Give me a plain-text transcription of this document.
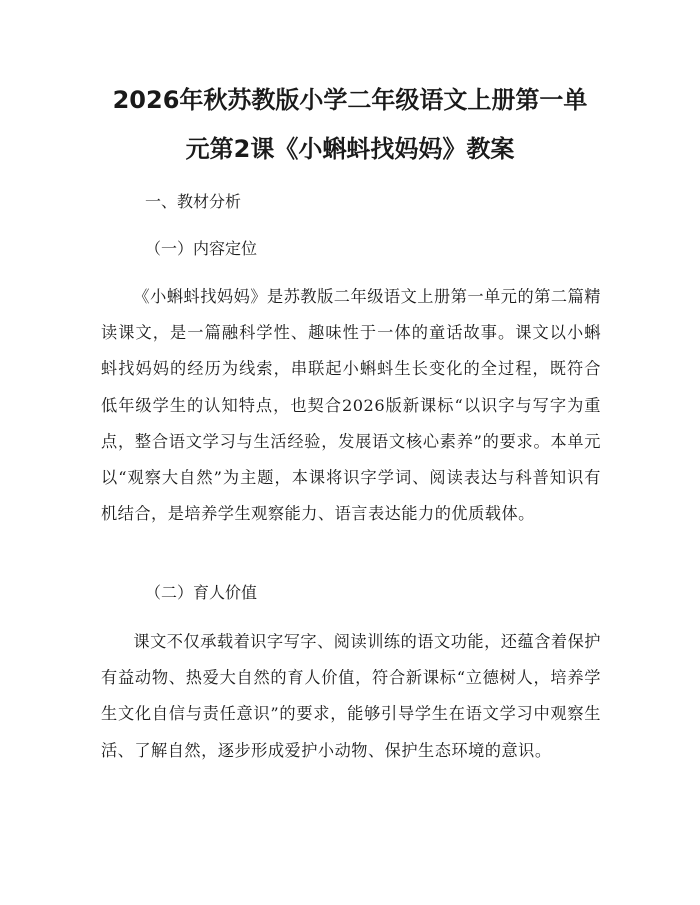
2026年秋苏教版小学二年级语文上册第一单
元第2课《小蝌蚪找妈妈》教案
一、教材分析
（一）内容定位

《小蝌蚪找妈妈》是苏教版二年级语文上册第一单元的第二篇精读课文，是一篇融科学性、趣味性于一体的童话故事。课文以小蝌蚪找妈妈的经历为线索，串联起小蝌蚪生长变化的全过程，既符合低年级学生的认知特点，也契合2026版新课标“以识字与写字为重点，整合语文学习与生活经验，发展语文核心素养”的要求。本单元以“观察大自然”为主题，本课将识字学词、阅读表达与科普知识有机结合，是培养学生观察能力、语言表达能力的优质载体。

（二）育人价值

课文不仅承载着识字写字、阅读训练的语文功能，还蕴含着保护有益动物、热爱大自然的育人价值，符合新课标“立德树人，培养学生文化自信与责任意识”的要求，能够引导学生在语文学习中观察生活、了解自然，逐步形成爱护小动物、保护生态环境的意识。
